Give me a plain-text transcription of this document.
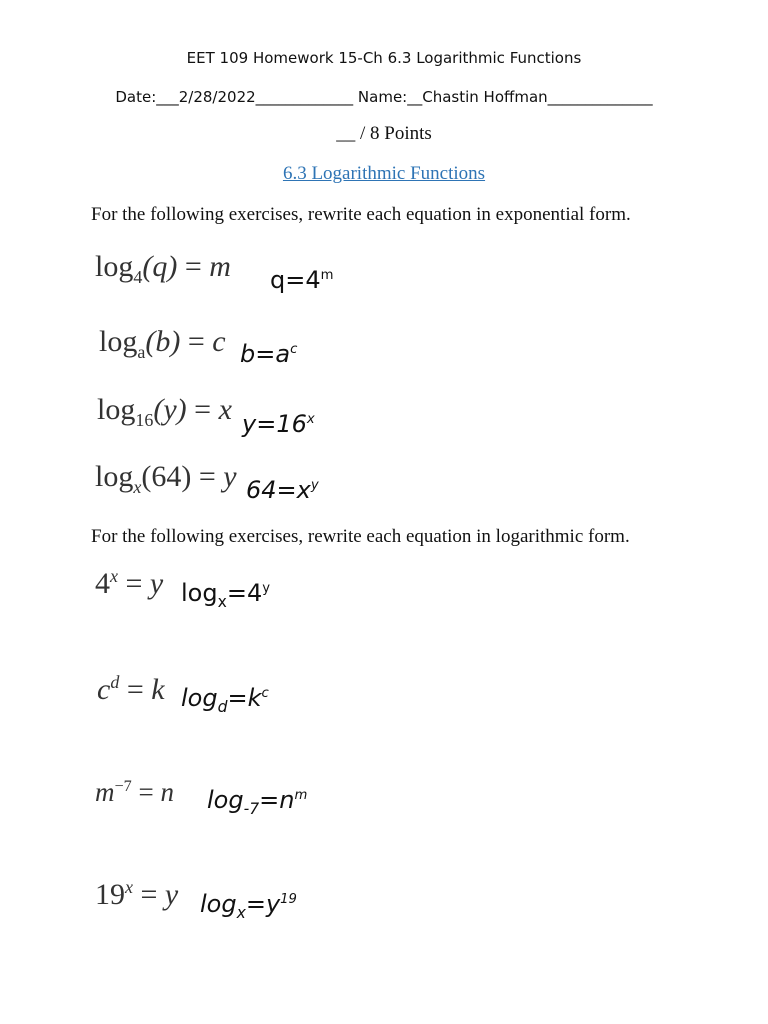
EET 109 Homework 15-Ch 6.3 Logarithmic Functions
Date:___2/28/2022_____________ Name:__Chastin Hoffman______________
__ / 8 Points
6.3 Logarithmic Functions
For the following exercises, rewrite each equation in exponential form.
$\log_4(q) = m$ $q=4^m$
$\log_a(b) = c$ $b=a^c$
$\log_{16}(y) = x$ $y=16^x$
$\log_x(64) = y$ $64=x^y$
For the following exercises, rewrite each equation in logarithmic form.
$4^x = y$ $\log_x=4^y$
$c^d = k$ $\log_d=k^c$
$m^{-7} = n$ $\log_{-7}=n^m$
$19^x = y$ $\log_x=y^{19}$
